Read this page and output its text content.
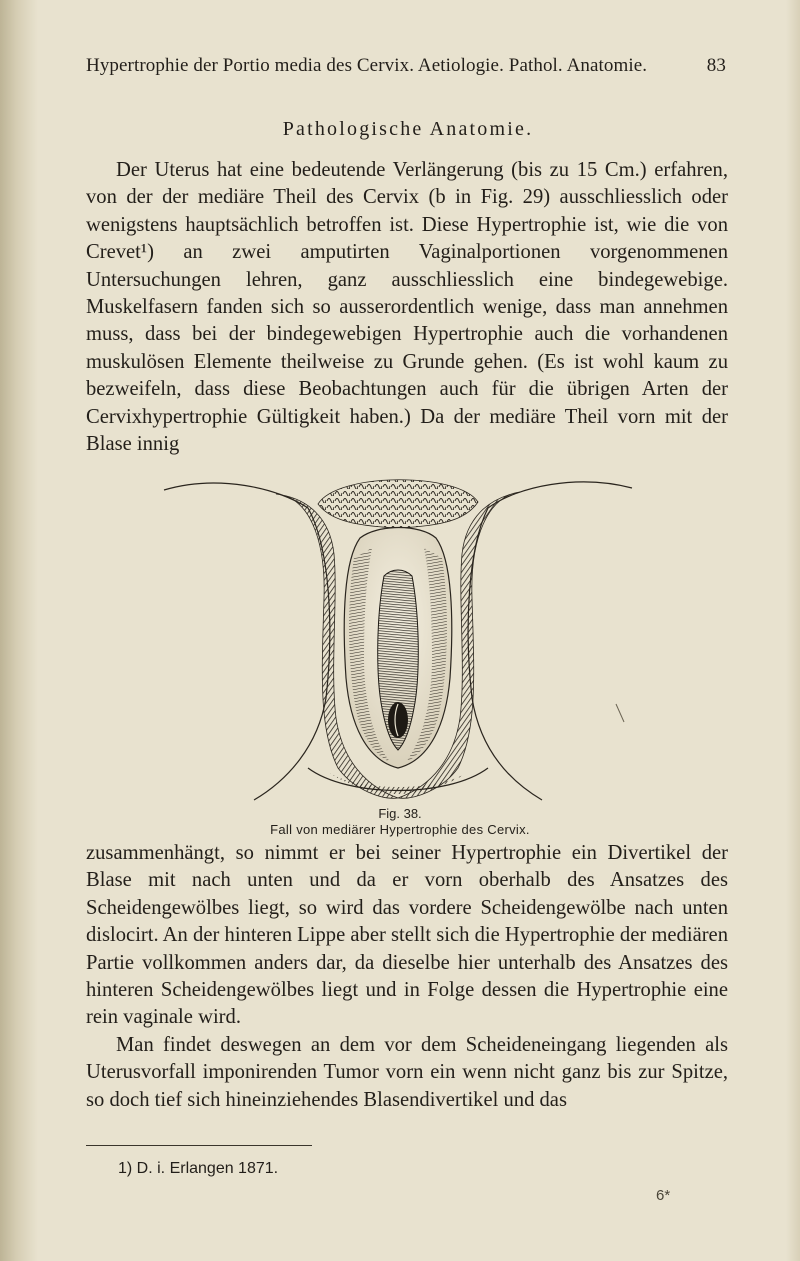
Hypertrophie der Portio media des Cervix. Aetiologie. Pathol. Anatomie.	83
Pathologische Anatomie.

Der Uterus hat eine bedeutende Verlängerung (bis zu 15 Cm.) erfahren, von der der mediäre Theil des Cervix (b in Fig. 29) ausschliesslich oder wenigstens hauptsächlich betroffen ist. Diese Hypertrophie ist, wie die von Crevet¹) an zwei amputirten Vaginalportionen vorgenommenen Untersuchungen lehren, ganz ausschliesslich eine bindegewebige. Muskelfasern fanden sich so ausserordentlich wenige, dass man annehmen muss, dass bei der bindegewebigen Hypertrophie auch die vorhandenen muskulösen Elemente theilweise zu Grunde gehen. (Es ist wohl kaum zu bezweifeln, dass diese Beobachtungen auch für die übrigen Arten der Cervixhypertrophie Gültigkeit haben.) Da der mediäre Theil vorn mit der Blase innig

Fig. 38.
Fall von mediärer Hypertrophie des Cervix.

zusammenhängt, so nimmt er bei seiner Hypertrophie ein Divertikel der Blase mit nach unten und da er vorn oberhalb des Ansatzes des Scheidengewölbes liegt, so wird das vordere Scheidengewölbe nach unten dislocirt. An der hinteren Lippe aber stellt sich die Hypertrophie der mediären Partie vollkommen anders dar, da dieselbe hier unterhalb des Ansatzes des hinteren Scheidengewölbes liegt und in Folge dessen die Hypertrophie eine rein vaginale wird.

Man findet deswegen an dem vor dem Scheideneingang liegenden als Uterusvorfall imponirenden Tumor vorn ein wenn nicht ganz bis zur Spitze, so doch tief sich hineinziehendes Blasendivertikel und das

1) D. i. Erlangen 1871.
6*
